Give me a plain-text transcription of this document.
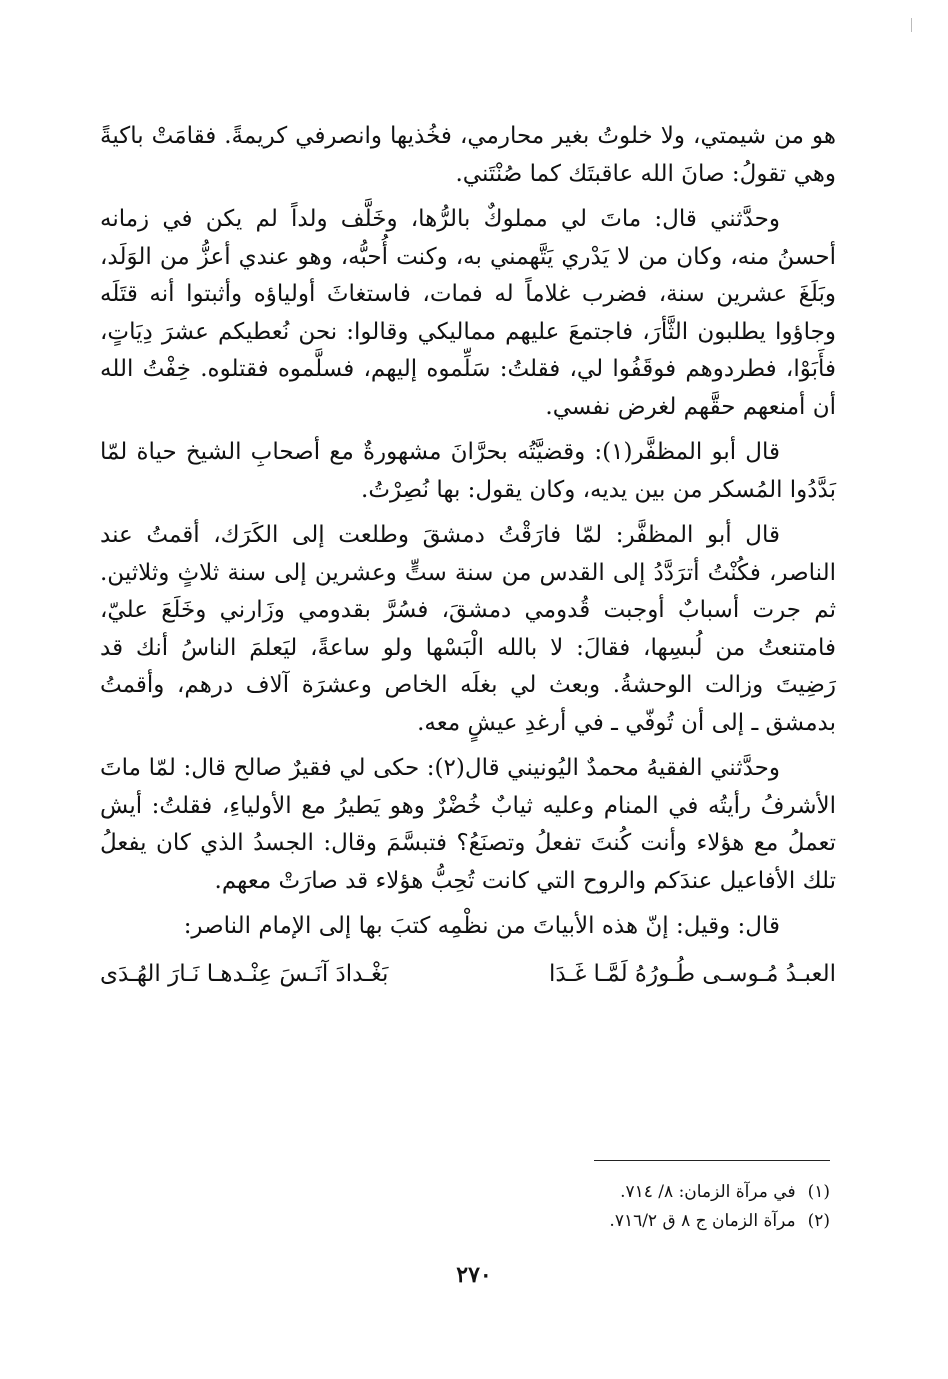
هو من شيمتي، ولا خلوتُ بغير محارمي، فخُذيها وانصرفي كريمةً. فقامَتْ باكيةً وهي تقولُ: صانَ الله عاقبتَك كما صُنْتَني.

وحدَّثني قال: ماتَ لي مملوكٌ بالرُّها، وخَلَّف ولداً لم يكن في زمانه أحسنُ منه، وكان من لا يَدْري يَتَّهمني به، وكنت أُحبُّه، وهو عندي أعزُّ من الوَلَد، وبَلَغَ عشرين سنة، فضرب غلاماً له فمات، فاستغاثَ أولياؤه وأثبتوا أنه قتَلَه وجاؤوا يطلبون الثَّأرَ، فاجتمعَ عليهم مماليكي وقالوا: نحن نُعطيكم عشرَ دِيَاتٍ، فأَبَوْا، فطردوهم فوقَفُوا لي، فقلتُ: سَلِّموه إليهم، فسلَّموه فقتلوه. خِفْتُ الله أن أمنعهم حقَّهم لغرض نفسي.

قال أبو المظفَّر(١): وقضيَّتُه بحرَّانَ مشهورةٌ مع أصحابِ الشيخ حياة لمّا بَدَّدُوا المُسكر من بين يديه، وكان يقول: بها نُصِرْتُ.

قال أبو المظفَّر: لمّا فارَقْتُ دمشقَ وطلعت إلى الكَرَك، أقمتُ عند الناصر، فكُنْتُ أترَدَّدُ إلى القدس من سنة ستٍّ وعشرين إلى سنة ثلاثٍ وثلاثين. ثم جرت أسبابٌ أوجبت قُدومي دمشقَ، فسُرَّ بقدومي وزَارني وخَلَعَ عليّ، فامتنعتُ من لُبسِها، فقالَ: لا بالله الْبَسْها ولو ساعةً، ليَعلمَ الناسُ أنك قد رَضِيتَ وزالت الوحشةُ. وبعث لي بغلَه الخاص وعشرَة آلاف درهم، وأقمتُ بدمشق ـ إلى أن تُوفّي ـ في أرغدِ عيشٍ معه.

وحدَّثني الفقيهُ محمدٌ اليُونيني قال(٢): حكى لي فقيرٌ صالح قال: لمّا ماتَ الأشرفُ رأيتُه في المنام وعليه ثيابٌ خُضْرٌ وهو يَطيرُ مع الأولياءِ، فقلتُ: أيش تعملُ مع هؤلاء وأنت كُنتَ تفعلُ وتصنَعُ؟ فتبسَّمَ وقال: الجسدُ الذي كان يفعلُ تلك الأفاعيل عندَكم والروح التي كانت تُحِبُّ هؤلاء قد صارَتْ معهم.

قال: وقيل: إنّ هذه الأبياتَ من نظْمِه كتبَ بها إلى الإمام الناصر:

العبـدُ مُـوسـى طُـورُهُ لَمَّـا غَـدَا
بَغْـدادَ آنَـسَ عِنْـدهـا نَـارَ الهُـدَى
(١)
في مرآة الزمان: ٨/ ٧١٤.
(٢)
مرآة الزمان ج ٨ ق ٧١٦/٢.
٢٧٠
